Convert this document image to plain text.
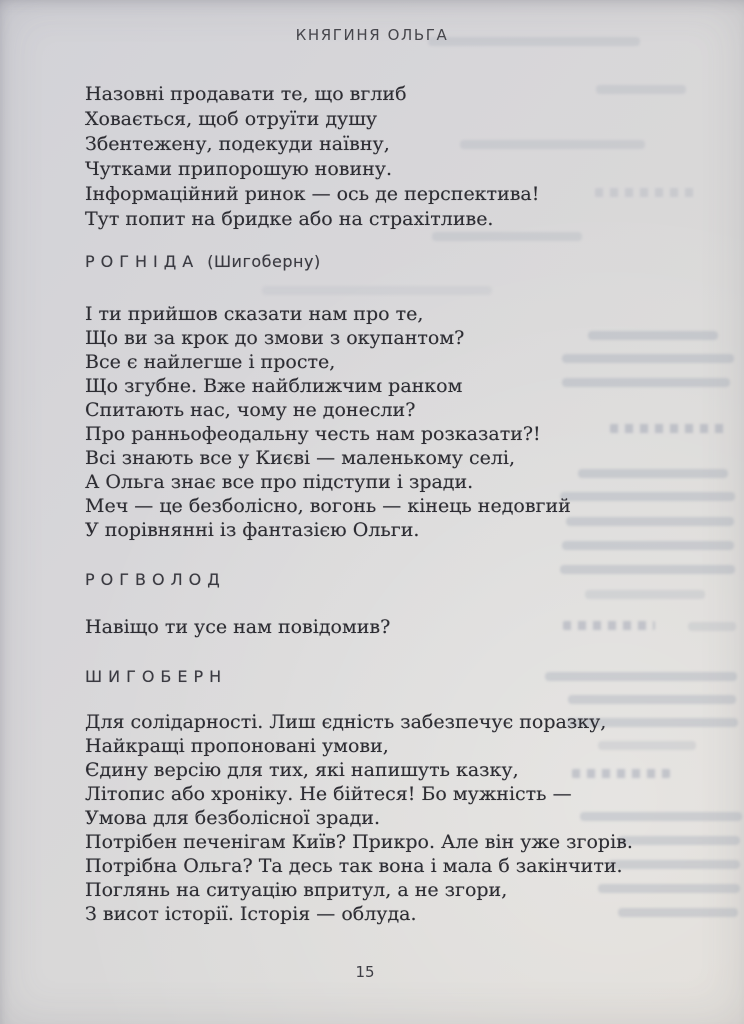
КНЯГИНЯ ОЛЬГА
Назовні продавати те, що вглиб
Ховається, щоб отруїти душу
Збентежену, подекуди наївну,
Чутками припорошую новину.
Інформаційний ринок — ось де перспектива!
Тут попит на бридке або на страхітливе.
РОГНІДА (Шигоберну)
І ти прийшов сказати нам про те,
Що ви за крок до змови з окупантом?
Все є найлегше і просте,
Що згубне. Вже найближчим ранком
Спитають нас, чому не донесли?
Про ранньофеодальну честь нам розказати?!
Всі знають все у Києві — маленькому селі,
А Ольга знає все про підступи і зради.
Меч — це безболісно, вогонь — кінець недовгий
У порівнянні із фантазією Ольги.
РОГВОЛОД
Навіщо ти усе нам повідомив?
ШИГОБЕРН
Для солідарності. Лиш єдність забезпечує поразку,
Найкращі пропоновані умови,
Єдину версію для тих, які напишуть казку,
Літопис або хроніку. Не бійтеся! Бо мужність —
Умова для безболісної зради.
Потрібен печенігам Київ? Прикро. Але він уже згорів.
Потрібна Ольга? Та десь так вона і мала б закінчити.
Поглянь на ситуацію впритул, а не згори,
З висот історії. Історія — облуда.
15
